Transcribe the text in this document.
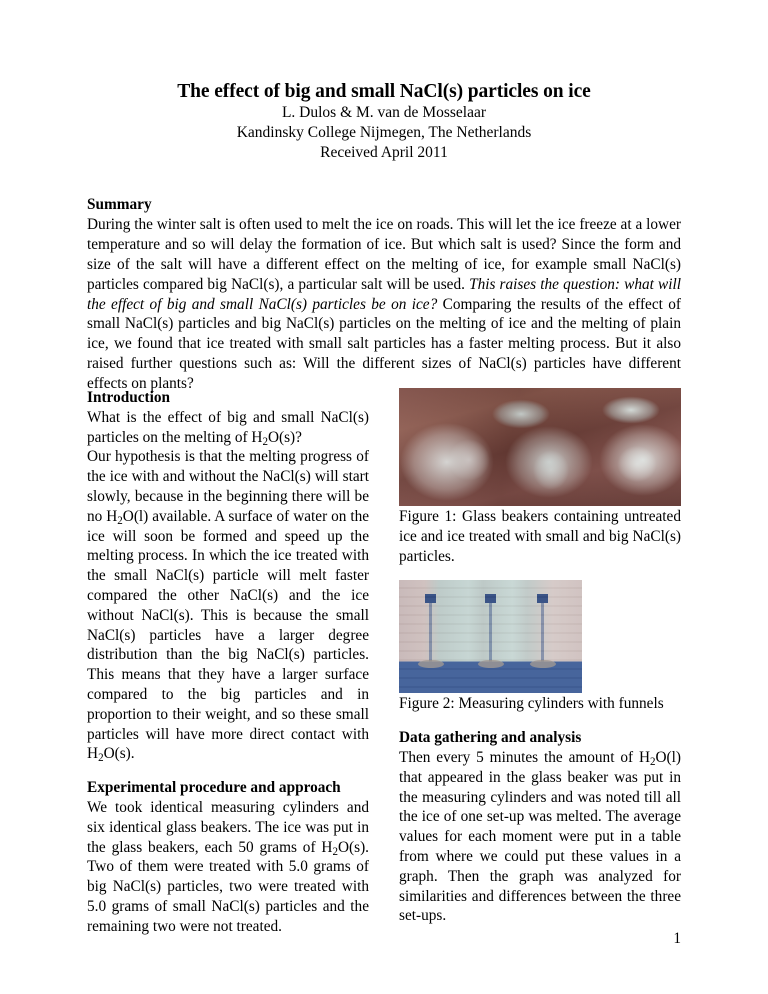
The effect of big and small NaCl(s) particles on ice
L. Dulos & M. van de Mosselaar
Kandinsky College Nijmegen, The Netherlands
Received April 2011
Summary
During the winter salt is often used to melt the ice on roads. This will let the ice freeze at a lower temperature and so will delay the formation of ice. But which salt is used? Since the form and size of the salt will have a different effect on the melting of ice, for example small NaCl(s) particles compared big NaCl(s), a particular salt will be used. This raises the question: what will the effect of big and small NaCl(s) particles be on ice? Comparing the results of the effect of small NaCl(s) particles and big NaCl(s) particles on the melting of ice and the melting of plain ice, we found that ice treated with small salt particles has a faster melting process. But it also raised further questions such as: Will the different sizes of NaCl(s) particles have different effects on plants?
Introduction
What is the effect of big and small NaCl(s) particles on the melting of $H_2O(s)$?
Our hypothesis is that the melting progress of the ice with and without the NaCl(s) will start slowly, because in the beginning there will be no $H_2O(l)$ available. A surface of water on the ice will soon be formed and speed up the melting process. In which the ice treated with the small NaCl(s) particle will melt faster compared the other NaCl(s) and the ice without NaCl(s). This is because the small NaCl(s) particles have a larger degree distribution than the big NaCl(s) particles. This means that they have a larger surface compared to the big particles and in proportion to their weight, and so these small particles will have more direct contact with $H_2O(s)$.
Experimental procedure and approach
We took identical measuring cylinders and six identical glass beakers. The ice was put in the glass beakers, each 50 grams of $H_2O(s)$. Two of them were treated with 5.0 grams of big NaCl(s) particles, two were treated with 5.0 grams of small NaCl(s) particles and the remaining two were not treated.
Figure 1: Glass beakers containing untreated ice and ice treated with small and big NaCl(s) particles.
Figure 2: Measuring cylinders with funnels
Data gathering and analysis
Then every 5 minutes the amount of $H_2O(l)$ that appeared in the glass beaker was put in the measuring cylinders and was noted till all the ice of one set-up was melted. The average values for each moment were put in a table from where we could put these values in a graph. Then the graph was analyzed for similarities and differences between the three set-ups.
1
